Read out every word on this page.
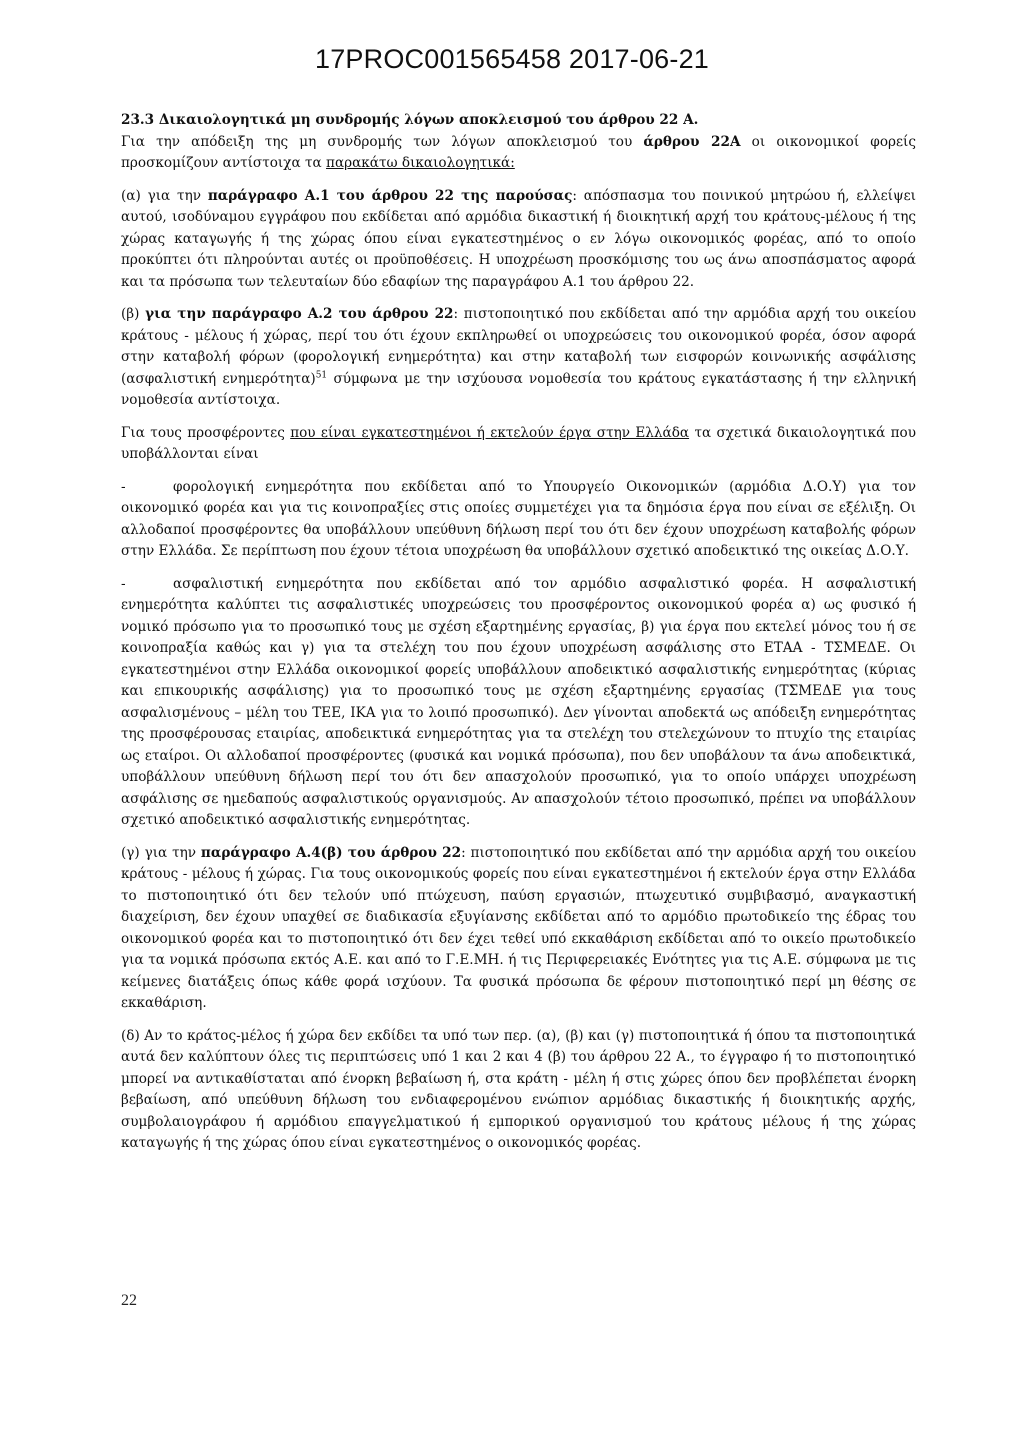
17PROC001565458 2017-06-21

23.3 Δικαιολογητικά μη συνδρομής λόγων αποκλεισμού του άρθρου 22 Α.

Για την απόδειξη της μη συνδρομής των λόγων αποκλεισμού του άρθρου 22Α οι οικονομικοί φορείς προσκομίζουν αντίστοιχα τα παρακάτω δικαιολογητικά:

(α) για την παράγραφο Α.1 του άρθρου 22 της παρούσας: απόσπασμα του ποινικού μητρώου ή, ελλείψει αυτού, ισοδύναμου εγγράφου που εκδίδεται από αρμόδια δικαστική ή διοικητική αρχή του κράτους-μέλους ή της χώρας καταγωγής ή της χώρας όπου είναι εγκατεστημένος ο εν λόγω οικονομικός φορέας, από το οποίο προκύπτει ότι πληρούνται αυτές οι προϋποθέσεις. Η υποχρέωση προσκόμισης του ως άνω αποσπάσματος αφορά και τα πρόσωπα των τελευταίων δύο εδαφίων της παραγράφου Α.1 του άρθρου 22.

(β) για την παράγραφο Α.2 του άρθρου 22: πιστοποιητικό που εκδίδεται από την αρμόδια αρχή του οικείου κράτους - μέλους ή χώρας, περί του ότι έχουν εκπληρωθεί οι υποχρεώσεις του οικονομικού φορέα, όσον αφορά στην καταβολή φόρων (φορολογική ενημερότητα) και στην καταβολή των εισφορών κοινωνικής ασφάλισης (ασφαλιστική ενημερότητα)$^{51}$ σύμφωνα με την ισχύουσα νομοθεσία του κράτους εγκατάστασης ή την ελληνική νομοθεσία αντίστοιχα.

Για τους προσφέροντες που είναι εγκατεστημένοι ή εκτελούν έργα στην Ελλάδα τα σχετικά δικαιολογητικά που υποβάλλονται είναι

-	φορολογική ενημερότητα που εκδίδεται από το Υπουργείο Οικονομικών (αρμόδια Δ.Ο.Υ) για τον οικονομικό φορέα και για τις κοινοπραξίες στις οποίες συμμετέχει για τα δημόσια έργα που είναι σε εξέλιξη. Οι αλλοδαποί προσφέροντες θα υποβάλλουν υπεύθυνη δήλωση περί του ότι δεν έχουν υποχρέωση καταβολής φόρων στην Ελλάδα. Σε περίπτωση που έχουν τέτοια υποχρέωση θα υποβάλλουν σχετικό αποδεικτικό της οικείας Δ.Ο.Υ.

-	ασφαλιστική ενημερότητα που εκδίδεται από τον αρμόδιο ασφαλιστικό φορέα. Η ασφαλιστική ενημερότητα καλύπτει τις ασφαλιστικές υποχρεώσεις του προσφέροντος οικονομικού φορέα α) ως φυσικό ή νομικό πρόσωπο για το προσωπικό τους με σχέση εξαρτημένης εργασίας, β) για έργα που εκτελεί μόνος του ή σε κοινοπραξία καθώς και γ) για τα στελέχη του που έχουν υποχρέωση ασφάλισης στο ΕΤΑΑ - ΤΣΜΕΔΕ. Οι εγκατεστημένοι στην Ελλάδα οικονομικοί φορείς υποβάλλουν αποδεικτικό ασφαλιστικής ενημερότητας (κύριας και επικουρικής ασφάλισης) για το προσωπικό τους με σχέση εξαρτημένης εργασίας (ΤΣΜΕΔΕ για τους ασφαλισμένους – μέλη του ΤΕΕ, ΙΚΑ για το λοιπό προσωπικό). Δεν γίνονται αποδεκτά ως απόδειξη ενημερότητας της προσφέρουσας εταιρίας, αποδεικτικά ενημερότητας για τα στελέχη του στελεχώνουν το πτυχίο της εταιρίας ως εταίροι. Οι αλλοδαποί προσφέροντες (φυσικά και νομικά πρόσωπα), που δεν υποβάλουν τα άνω αποδεικτικά, υποβάλλουν υπεύθυνη δήλωση περί του ότι δεν απασχολούν προσωπικό, για το οποίο υπάρχει υποχρέωση ασφάλισης σε ημεδαπούς ασφαλιστικούς οργανισμούς. Αν απασχολούν τέτοιο προσωπικό, πρέπει να υποβάλλουν σχετικό αποδεικτικό ασφαλιστικής ενημερότητας.

(γ) για την παράγραφο Α.4(β) του άρθρου 22: πιστοποιητικό που εκδίδεται από την αρμόδια αρχή του οικείου κράτους - μέλους ή χώρας. Για τους οικονομικούς φορείς που είναι εγκατεστημένοι ή εκτελούν έργα στην Ελλάδα το πιστοποιητικό ότι δεν τελούν υπό πτώχευση, παύση εργασιών, πτωχευτικό συμβιβασμό, αναγκαστική διαχείριση, δεν έχουν υπαχθεί σε διαδικασία εξυγίανσης εκδίδεται από το αρμόδιο πρωτοδικείο της έδρας του οικονομικού φορέα και το πιστοποιητικό ότι δεν έχει τεθεί υπό εκκαθάριση εκδίδεται από το οικείο πρωτοδικείο για τα νομικά πρόσωπα εκτός Α.Ε. και από το Γ.Ε.ΜΗ. ή τις Περιφερειακές Ενότητες για τις Α.Ε. σύμφωνα με τις κείμενες διατάξεις όπως κάθε φορά ισχύουν. Τα φυσικά πρόσωπα δε φέρουν πιστοποιητικό περί μη θέσης σε εκκαθάριση.

(δ) Αν το κράτος-μέλος ή χώρα δεν εκδίδει τα υπό των περ. (α), (β) και (γ) πιστοποιητικά ή όπου τα πιστοποιητικά αυτά δεν καλύπτουν όλες τις περιπτώσεις υπό 1 και 2 και 4 (β) του άρθρου 22 Α., το έγγραφο ή το πιστοποιητικό μπορεί να αντικαθίσταται από ένορκη βεβαίωση ή, στα κράτη - μέλη ή στις χώρες όπου δεν προβλέπεται ένορκη βεβαίωση, από υπεύθυνη δήλωση του ενδιαφερομένου ενώπιον αρμόδιας δικαστικής ή διοικητικής αρχής, συμβολαιογράφου ή αρμόδιου επαγγελματικού ή εμπορικού οργανισμού του κράτους μέλους ή της χώρας καταγωγής ή της χώρας όπου είναι εγκατεστημένος ο οικονομικός φορέας.

22
